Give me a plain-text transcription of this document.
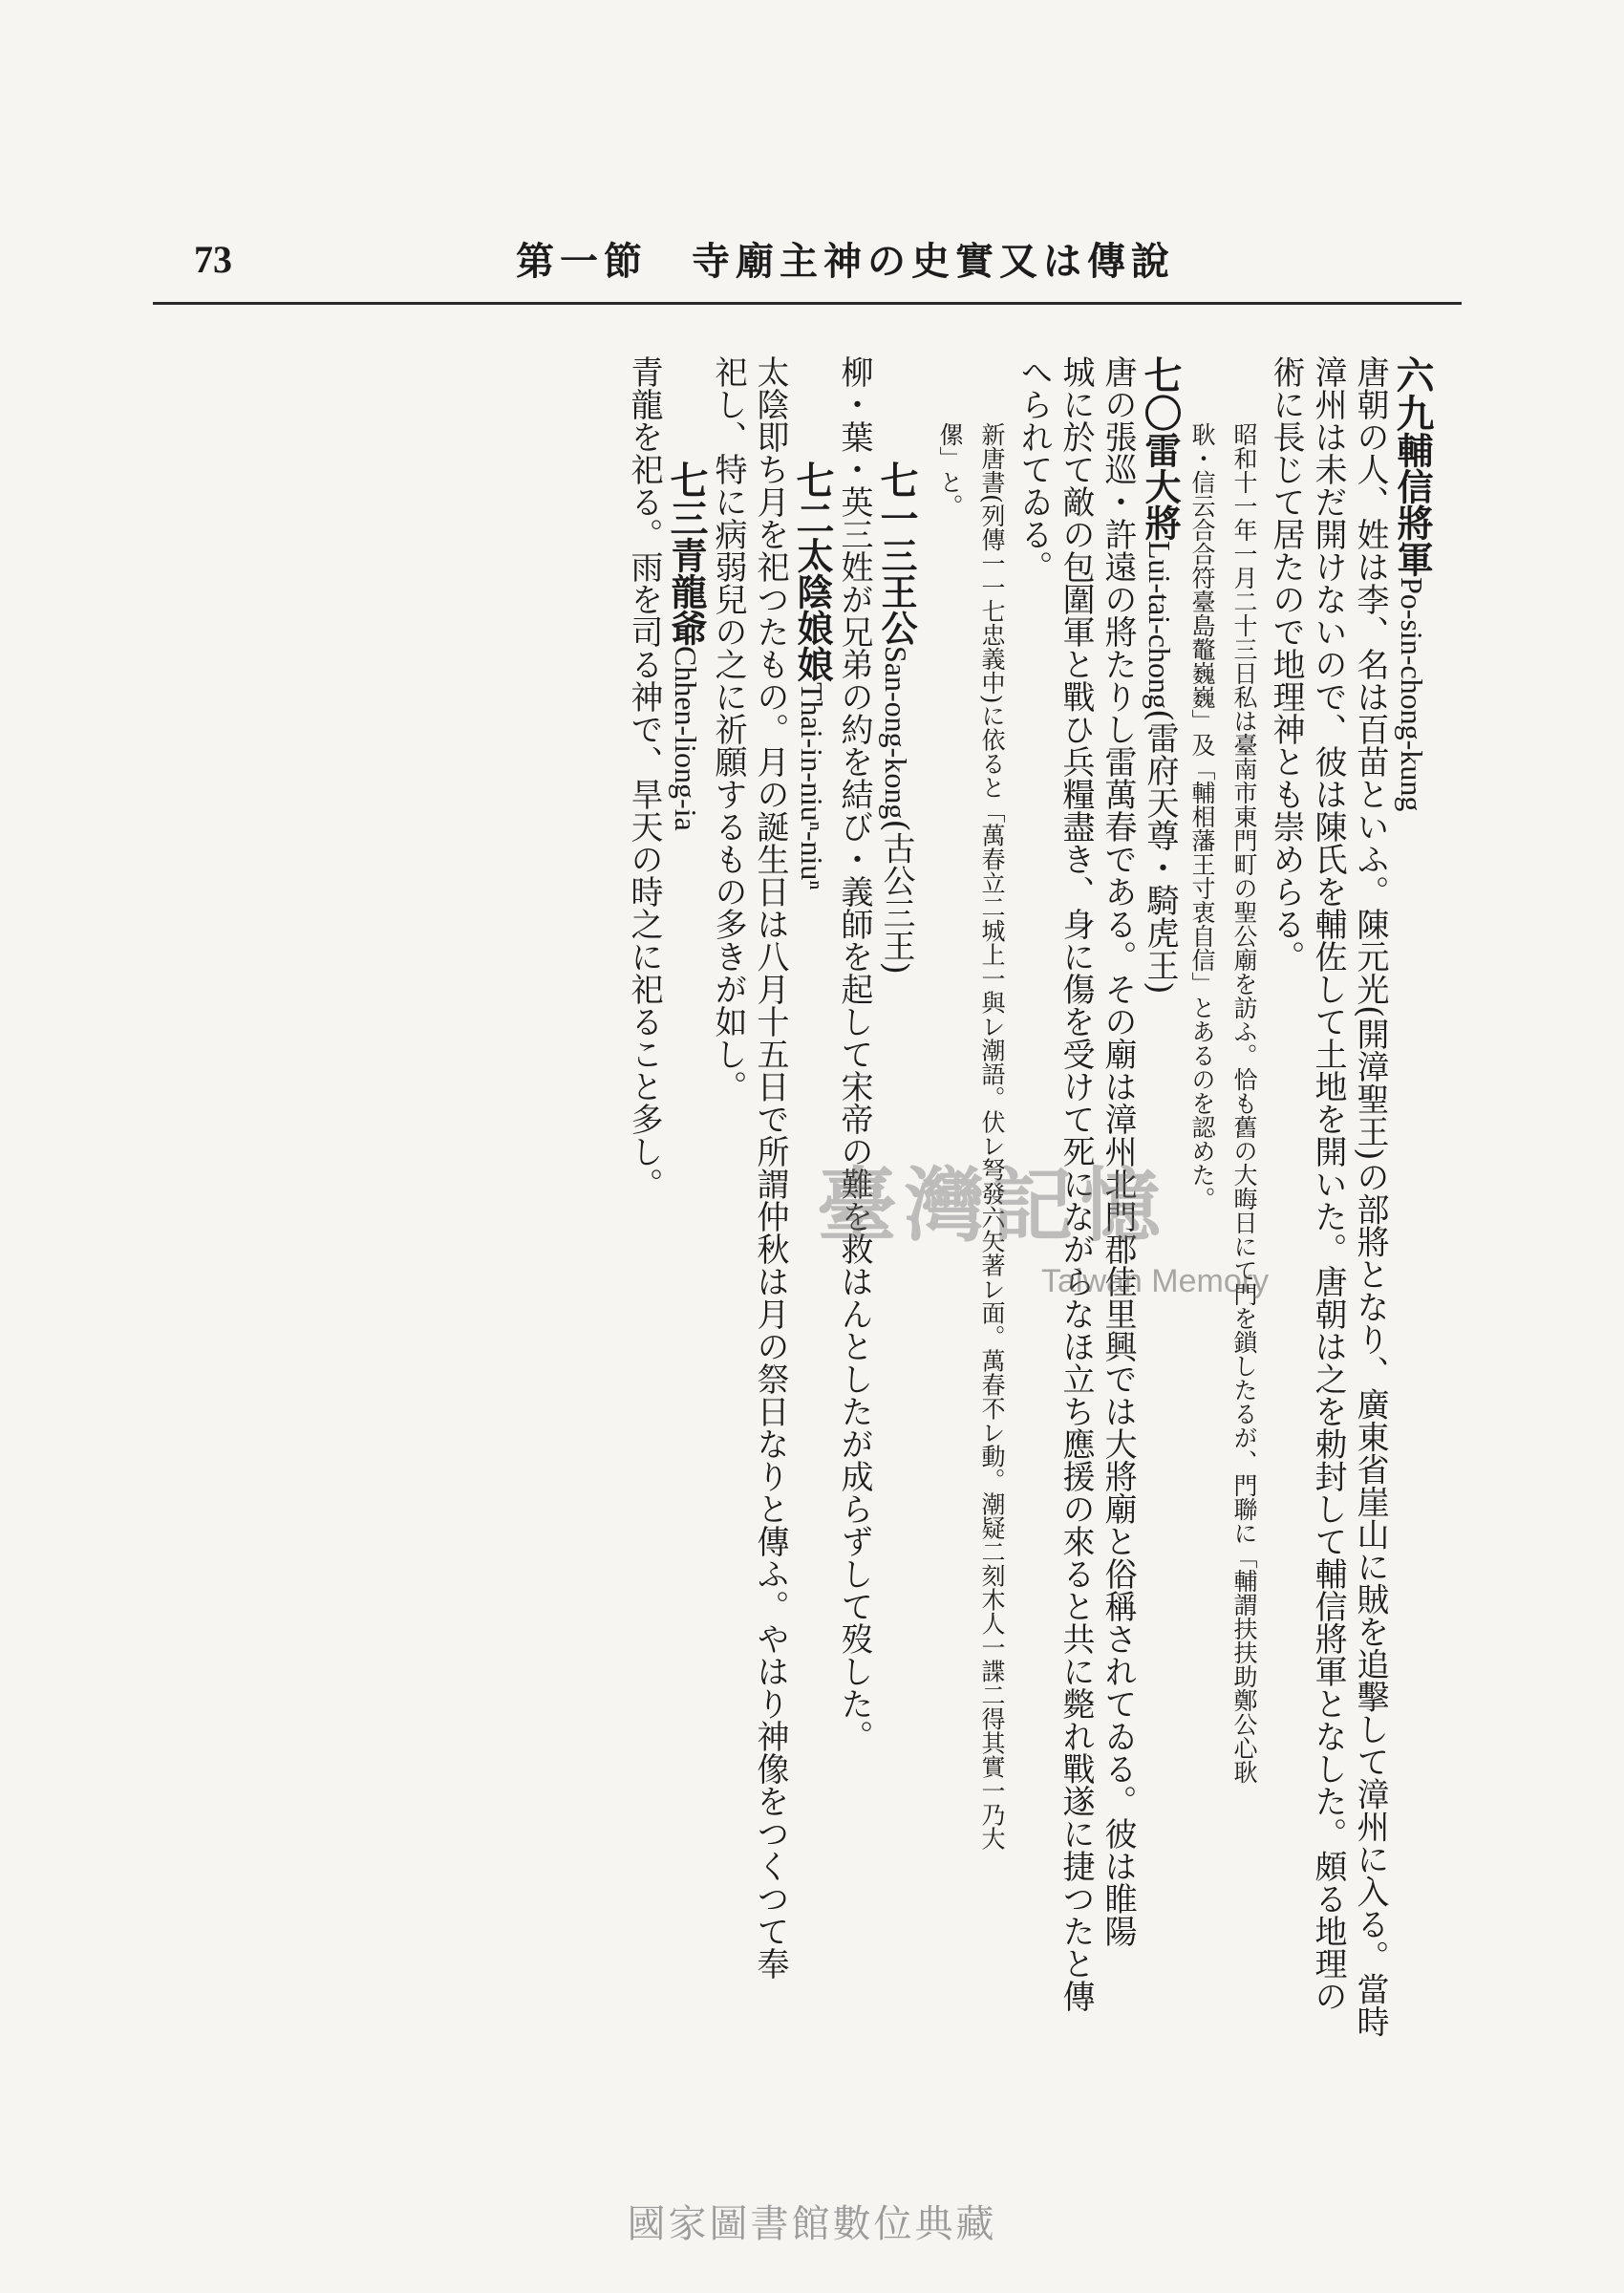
73	第一節　寺廟主神の史實又は傳說
六九輔信將軍Po-sin-chong-kung
唐朝の人、姓は李、名は百苗といふ。陳元光(開漳聖王)の部將となり、廣東省崖山に賊を追擊して漳州に入る。當時
漳州は未だ開けないので、彼は陳氏を輔佐して土地を開いた。唐朝は之を勅封して輔信將軍となした。頗る地理の
術に長じて居たので地理神とも崇めらる。
昭和十一年一月二十三日私は臺南市東門町の聖公廟を訪ふ。恰も舊の大晦日にて門を鎖したるが、門聯に「輔謂扶扶助鄭公心耿
耿・信云合合符臺島鼇巍巍」及「輔相藩王寸衷自信」とあるのを認めた。
七〇雷大將Lui-tai-chong(雷府天尊・騎虎王)
唐の張巡・許遠の將たりし雷萬春である。その廟は漳州北門郡佳里興では大將廟と俗稱されてゐる。彼は睢陽
城に於て敵の包圍軍と戰ひ兵糧盡き、身に傷を受けて死にながらなほ立ち應援の來ると共に斃れ戰遂に捷つたと傳
へられてゐる。
新唐書(列傳一一七忠義中)に依ると「萬春立二城上一與レ潮語。伏レ弩發六矢著レ面。萬春不レ動。潮疑二刻木人一諜二得其實一乃大
傫」と。
七一三王公San-ong-kong(古公三王)
柳・葉・英三姓が兄弟の約を結び・義師を起して宋帝の難を救はんとしたが成らずして歿した。
七二太陰娘娘Thai-in-niuⁿ-niuⁿ
太陰即ち月を祀つたもの。月の誕生日は八月十五日で所謂仲秋は月の祭日なりと傳ふ。やはり神像をつくつて奉
祀し、特に病弱兒の之に祈願するもの多きが如し。
七三青龍爺Chhen-liong-ia
青龍を祀る。雨を司る神で、旱天の時之に祀ること多し。
臺灣記憶
Taiwan Memory
國家圖書館數位典藏
